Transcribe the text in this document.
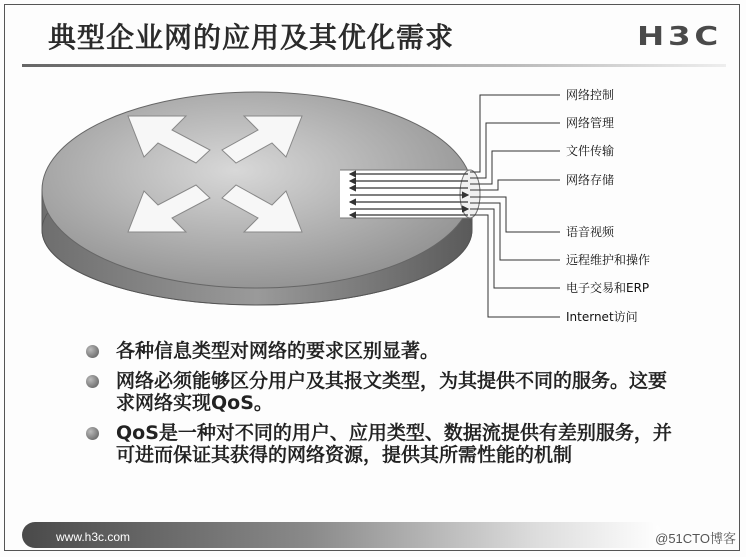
典型企业网的应用及其优化需求	H3C
网络控制
网络管理
文件传输
网络存储
语音视频
远程维护和操作
电子交易和ERP
Internet访问
各种信息类型对网络的要求区别显著。
网络必须能够区分用户及其报文类型，为其提供不同的服务。这要求网络实现QoS。
QoS是一种对不同的用户、应用类型、数据流提供有差别服务，并可进而保证其获得的网络资源，提供其所需性能的机制
www.h3c.com	@51CTO博客
